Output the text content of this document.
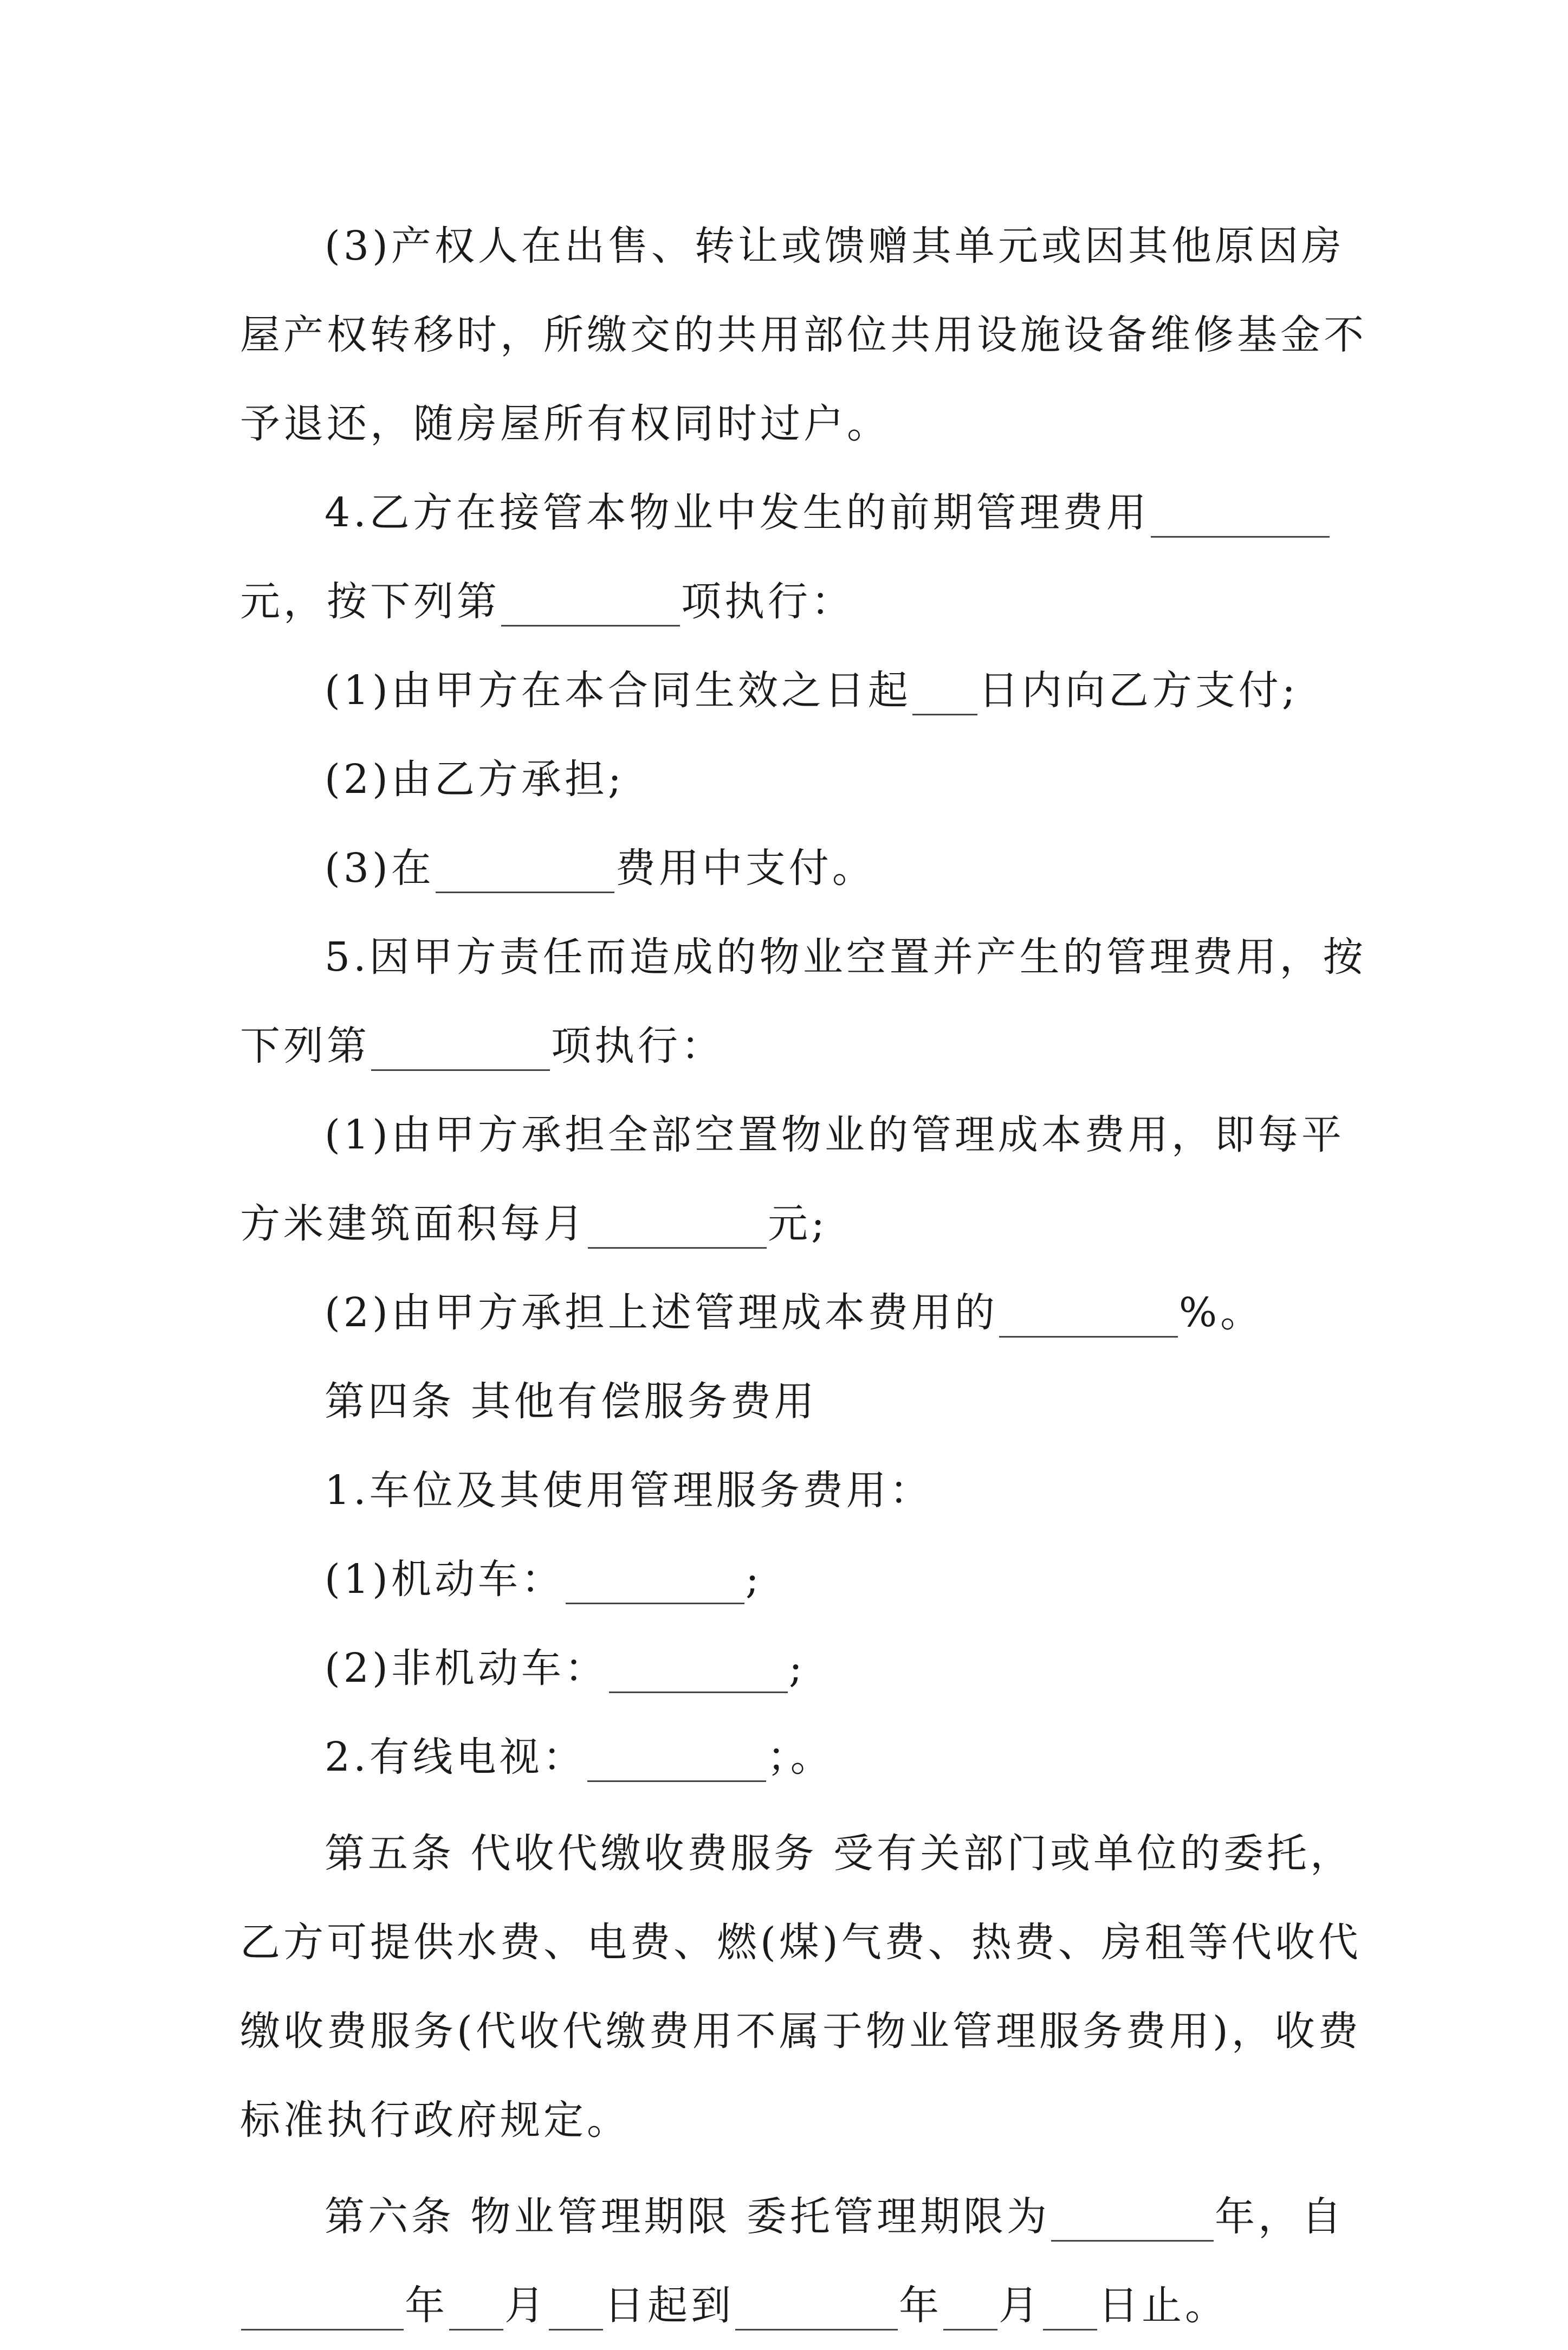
(3)产权人在出售、转让或馈赠其单元或因其他原因房
屋产权转移时，所缴交的共用部位共用设施设备维修基金不
予退还，随房屋所有权同时过户。
4.乙方在接管本物业中发生的前期管理费用
元，按下列第	项执行：
(1)由甲方在本合同生效之日起 日内向乙方支付;
(2)由乙方承担;
(3)在	费用中支付。
5.因甲方责任而造成的物业空置并产生的管理费用，按
下列第	项执行：
(1)由甲方承担全部空置物业的管理成本费用，即每平
方米建筑面积每月	元;
(2)由甲方承担上述管理成本费用的	%。
第四条 其他有偿服务费用
1.车位及其使用管理服务费用：
(1)机动车：	;
(2)非机动车：	;
2.有线电视：	；。
第五条 代收代缴收费服务 受有关部门或单位的委托，
乙方可提供水费、电费、燃(煤)气费、热费、房租等代收代
缴收费服务(代收代缴费用不属于物业管理服务费用)，收费
标准执行政府规定。
第六条 物业管理期限 委托管理期限为	年，自
年 月 日起到	年 月 日止。
